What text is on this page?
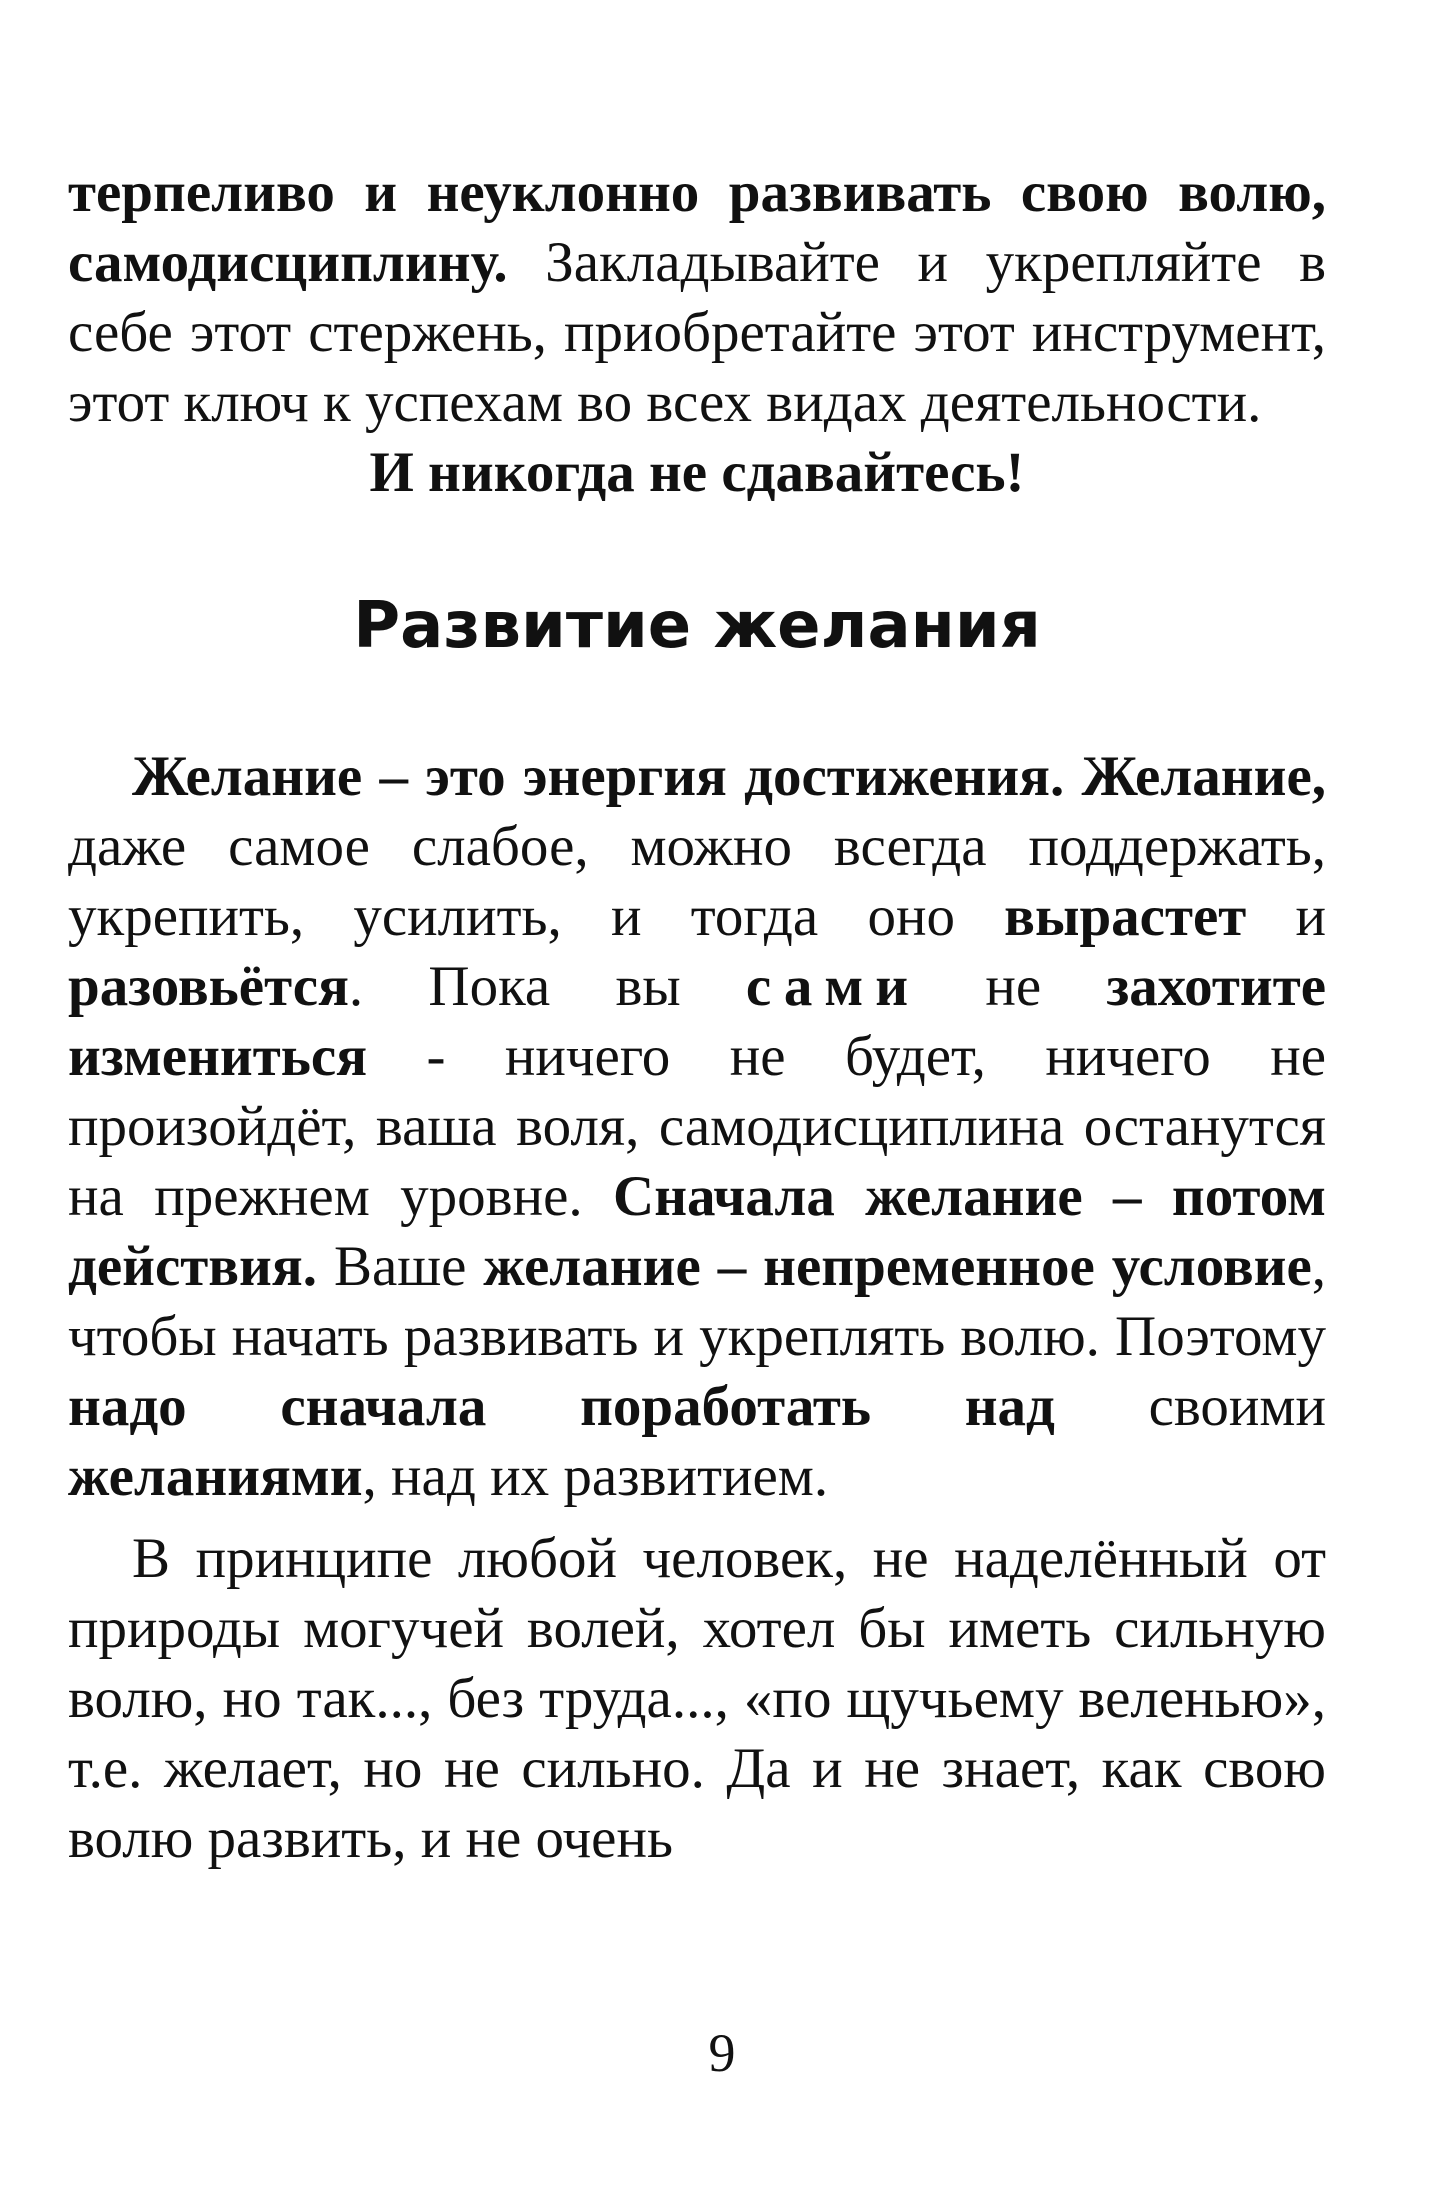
терпеливо и неуклонно развивать свою волю, самодисциплину. Закладывайте и укрепляйте в себе этот стержень, приобретайте этот инструмент, этот ключ к успехам во всех видах деятельности.

И никогда не сдавайтесь!

Развитие желания

Желание – это энергия достижения. Желание, даже самое слабое, можно всегда поддержать, укрепить, усилить, и тогда оно вырастет и разовьётся. Пока вы сами не захотите измениться - ничего не будет, ничего не произойдёт, ваша воля, самодисциплина останутся на прежнем уровне. Сначала желание – потом действия. Ваше желание – непременное условие, чтобы начать развивать и укреплять волю. Поэтому надо сначала поработать над своими желаниями, над их развитием.

В принципе любой человек, не наделённый от природы могучей волей, хотел бы иметь сильную волю, но так..., без труда..., «по щучьему веленью», т.е. желает, но не сильно. Да и не знает, как свою волю развить, и не очень

9
